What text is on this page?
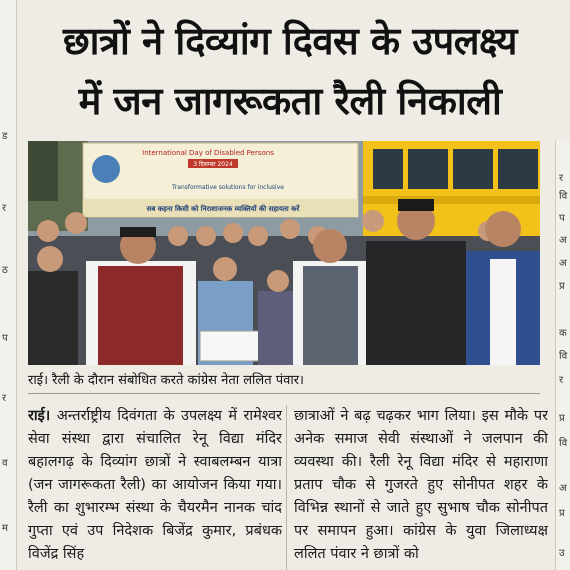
ड
र
ठ
प
र
व
म
छात्रों ने दिव्यांग दिवस के उपलक्ष्य
में जन जागरूकता रैली निकाली
International Day of Disabled Persons
3 दिसम्बर 2024
Transformative solutions for inclusive
सब कहना किसी को निराशाजनक व्यक्तियों की सहायता करें
राई। रैली के दौरान संबोधित करते कांग्रेस नेता ललित पंवार।
राई। अन्तर्राष्ट्रीय दिवंगता के उपलक्ष्य में रामेश्वर सेवा संस्था द्वारा संचालित रेनू विद्या मंदिर बहालगढ़ के दिव्यांग छात्रों ने स्वाबलम्बन यात्रा (जन जागरूकता रैली) का आयोजन किया गया। रैली का शुभारम्भ संस्था के चैयरमैन नानक चांद गुप्ता एवं उप निदेशक बिजेंद्र कुमार, प्रबंधक विजेंद्र सिंह
छात्राओं ने बढ़ चढ़कर भाग लिया। इस मौके पर अनेक समाज सेवी संस्थाओं ने जलपान की व्यवस्था की। रैली रेनू विद्या मंदिर से महाराणा प्रताप चौक से गुजरते हुए सोनीपत शहर के विभिन्न स्थानों से जाते हुए सुभाष चौक सोनीपत पर समापन हुआ। कांग्रेस के युवा जिलाध्यक्ष ललित पंवार ने छात्रों को
र
वि
प
अ
अ
प्र
क
वि
र
प्र
वि
अ
प्र
उ
